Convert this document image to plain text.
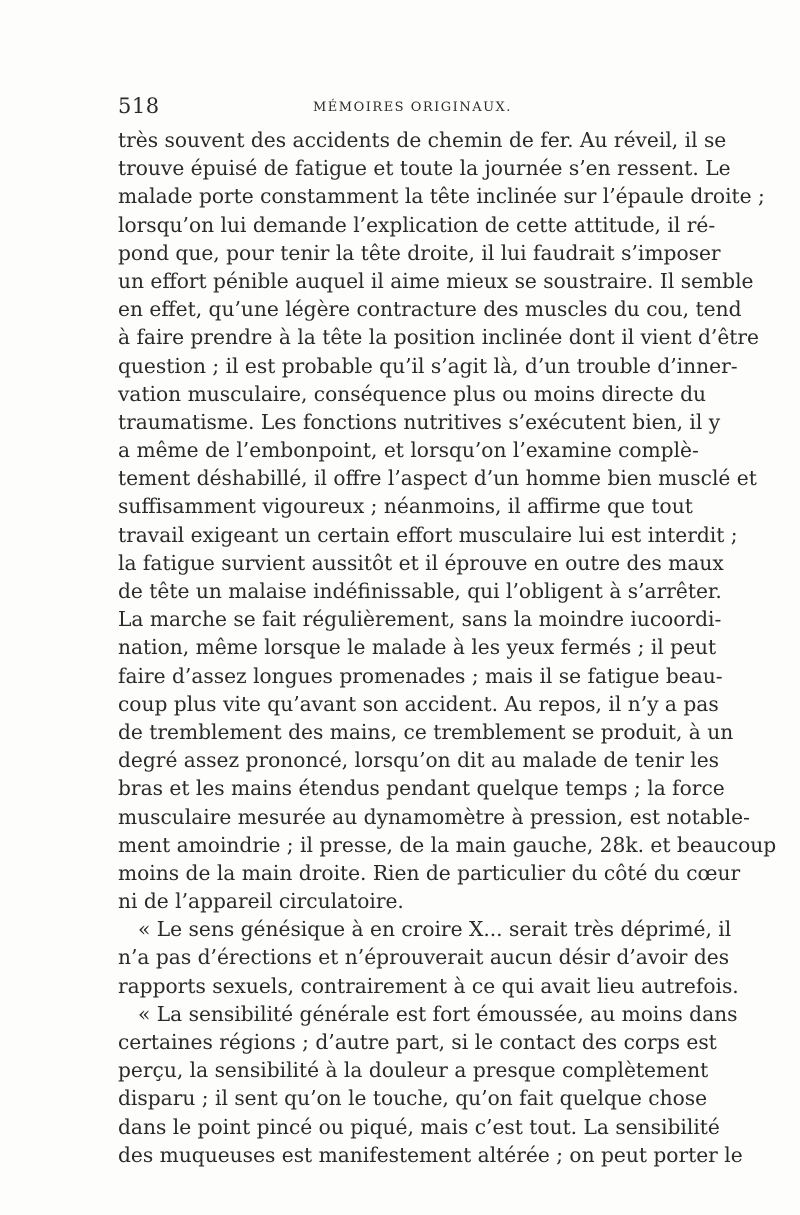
518	MÉMOIRES ORIGINAUX.
très souvent des accidents de chemin de fer. Au réveil, il se
trouve épuisé de fatigue et toute la journée s’en ressent. Le
malade porte constamment la tête inclinée sur l’épaule droite ;
lorsqu’on lui demande l’explication de cette attitude, il ré-
pond que, pour tenir la tête droite, il lui faudrait s’imposer
un effort pénible auquel il aime mieux se soustraire. Il semble
en effet, qu’une légère contracture des muscles du cou, tend
à faire prendre à la tête la position inclinée dont il vient d’être
question ; il est probable qu’il s’agit là, d’un trouble d’inner-
vation musculaire, conséquence plus ou moins directe du
traumatisme. Les fonctions nutritives s’exécutent bien, il y
a même de l’embonpoint, et lorsqu’on l’examine complè-
tement déshabillé, il offre l’aspect d’un homme bien musclé et
suffisamment vigoureux ; néanmoins, il affirme que tout
travail exigeant un certain effort musculaire lui est interdit ;
la fatigue survient aussitôt et il éprouve en outre des maux
de tête un malaise indéfinissable, qui l’obligent à s’arrêter.
La marche se fait régulièrement, sans la moindre iucoordi-
nation, même lorsque le malade à les yeux fermés ; il peut
faire d’assez longues promenades ; mais il se fatigue beau-
coup plus vite qu’avant son accident. Au repos, il n’y a pas
de tremblement des mains, ce tremblement se produit, à un
degré assez prononcé, lorsqu’on dit au malade de tenir les
bras et les mains étendus pendant quelque temps ; la force
musculaire mesurée au dynamomètre à pression, est notable-
ment amoindrie ; il presse, de la main gauche, 28k. et beaucoup
moins de la main droite. Rien de particulier du côté du cœur
ni de l’appareil circulatoire.
« Le sens génésique à en croire X... serait très déprimé, il
n’a pas d’érections et n’éprouverait aucun désir d’avoir des
rapports sexuels, contrairement à ce qui avait lieu autrefois.
« La sensibilité générale est fort émoussée, au moins dans
certaines régions ; d’autre part, si le contact des corps est
perçu, la sensibilité à la douleur a presque complètement
disparu ; il sent qu’on le touche, qu’on fait quelque chose
dans le point pincé ou piqué, mais c’est tout. La sensibilité
des muqueuses est manifestement altérée ; on peut porter le
